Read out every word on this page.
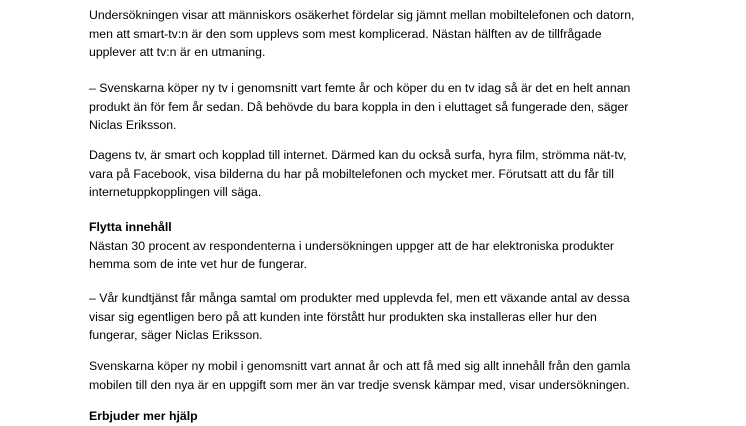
Undersökningen visar att människors osäkerhet fördelar sig jämnt mellan mobiltelefonen och datorn,
men att smart-tv:n är den som upplevs som mest komplicerad. Nästan hälften av de tillfrågade
upplever att tv:n är en utmaning.

– Svenskarna köper ny tv i genomsnitt vart femte år och köper du en tv idag så är det en helt annan
produkt än för fem år sedan. Då behövde du bara koppla in den i eluttaget så fungerade den, säger
Niclas Eriksson.

Dagens tv, är smart och kopplad till internet. Därmed kan du också surfa, hyra film, strömma nät-tv,
vara på Facebook, visa bilderna du har på mobiltelefonen och mycket mer. Förutsatt att du får till
internetuppkopplingen vill säga.

Flytta innehåll
Nästan 30 procent av respondenterna i undersökningen uppger att de har elektroniska produkter
hemma som de inte vet hur de fungerar.

– Vår kundtjänst får många samtal om produkter med upplevda fel, men ett växande antal av dessa
visar sig egentligen bero på att kunden inte förstått hur produkten ska installeras eller hur den
fungerar, säger Niclas Eriksson.

Svenskarna köper ny mobil i genomsnitt vart annat år och att få med sig allt innehåll från den gamla
mobilen till den nya är en uppgift som mer än var tredje svensk kämpar med, visar undersökningen.

Erbjuder mer hjälp
